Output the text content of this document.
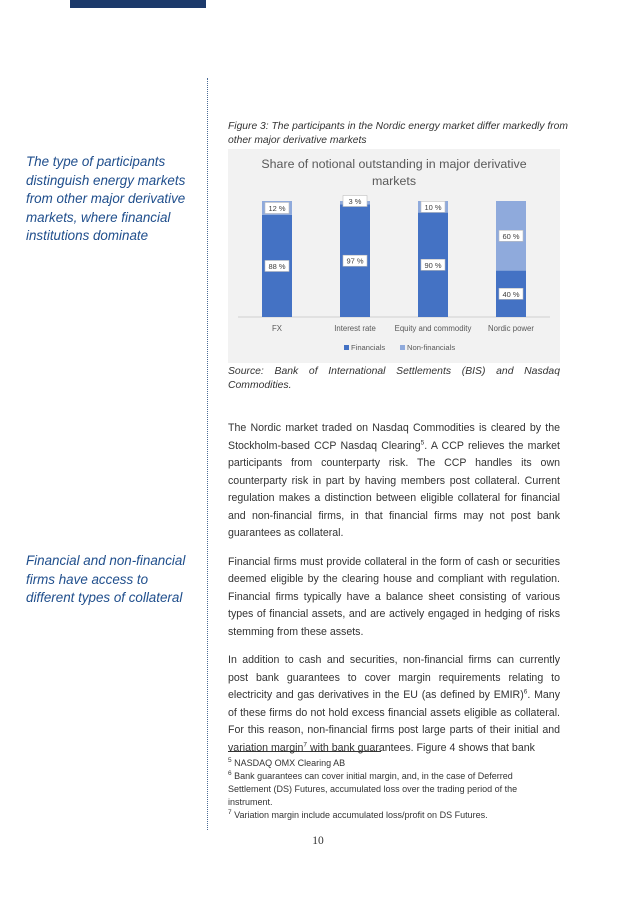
The type of participants distinguish energy markets from other major derivative markets, where financial institutions dominate
Financial and non-financial firms have access to different types of collateral
Figure 3: The participants in the Nordic energy market differ markedly from other major derivative markets
Share of notional outstanding in major derivative
markets
88 %
12 %
FX
97 %
3 %
Interest rate
90 %
10 %
Equity and commodity
40 %
60 %
Nordic power
Financials	Non-financials
Source: Bank of International Settlements (BIS) and Nasdaq Commodities.

The Nordic market traded on Nasdaq Commodities is cleared by the Stockholm-based CCP Nasdaq Clearing$^5$. A CCP relieves the market participants from counterparty risk. The CCP handles its own counterparty risk in part by having members post collateral. Current regulation makes a distinction between eligible collateral for financial and non-financial firms, in that financial firms may not post bank guarantees as collateral.

Financial firms must provide collateral in the form of cash or securities deemed eligible by the clearing house and compliant with regulation. Financial firms typically have a balance sheet consisting of various types of financial assets, and are actively engaged in hedging of risks stemming from these assets.

In addition to cash and securities, non-financial firms can currently post bank guarantees to cover margin requirements relating to electricity and gas derivatives in the EU (as defined by EMIR)$^6$. Many of these firms do not hold excess financial assets eligible as collateral. For this reason, non-financial firms post large parts of their initial and variation margin$^7$ with bank guarantees. Figure 4 shows that bank

$^5$ NASDAQ OMX Clearing AB
$^6$ Bank guarantees can cover initial margin, and, in the case of Deferred Settlement (DS) Futures, accumulated loss over the trading period of the instrument.
$^7$ Variation margin include accumulated loss/profit on DS Futures.
10
